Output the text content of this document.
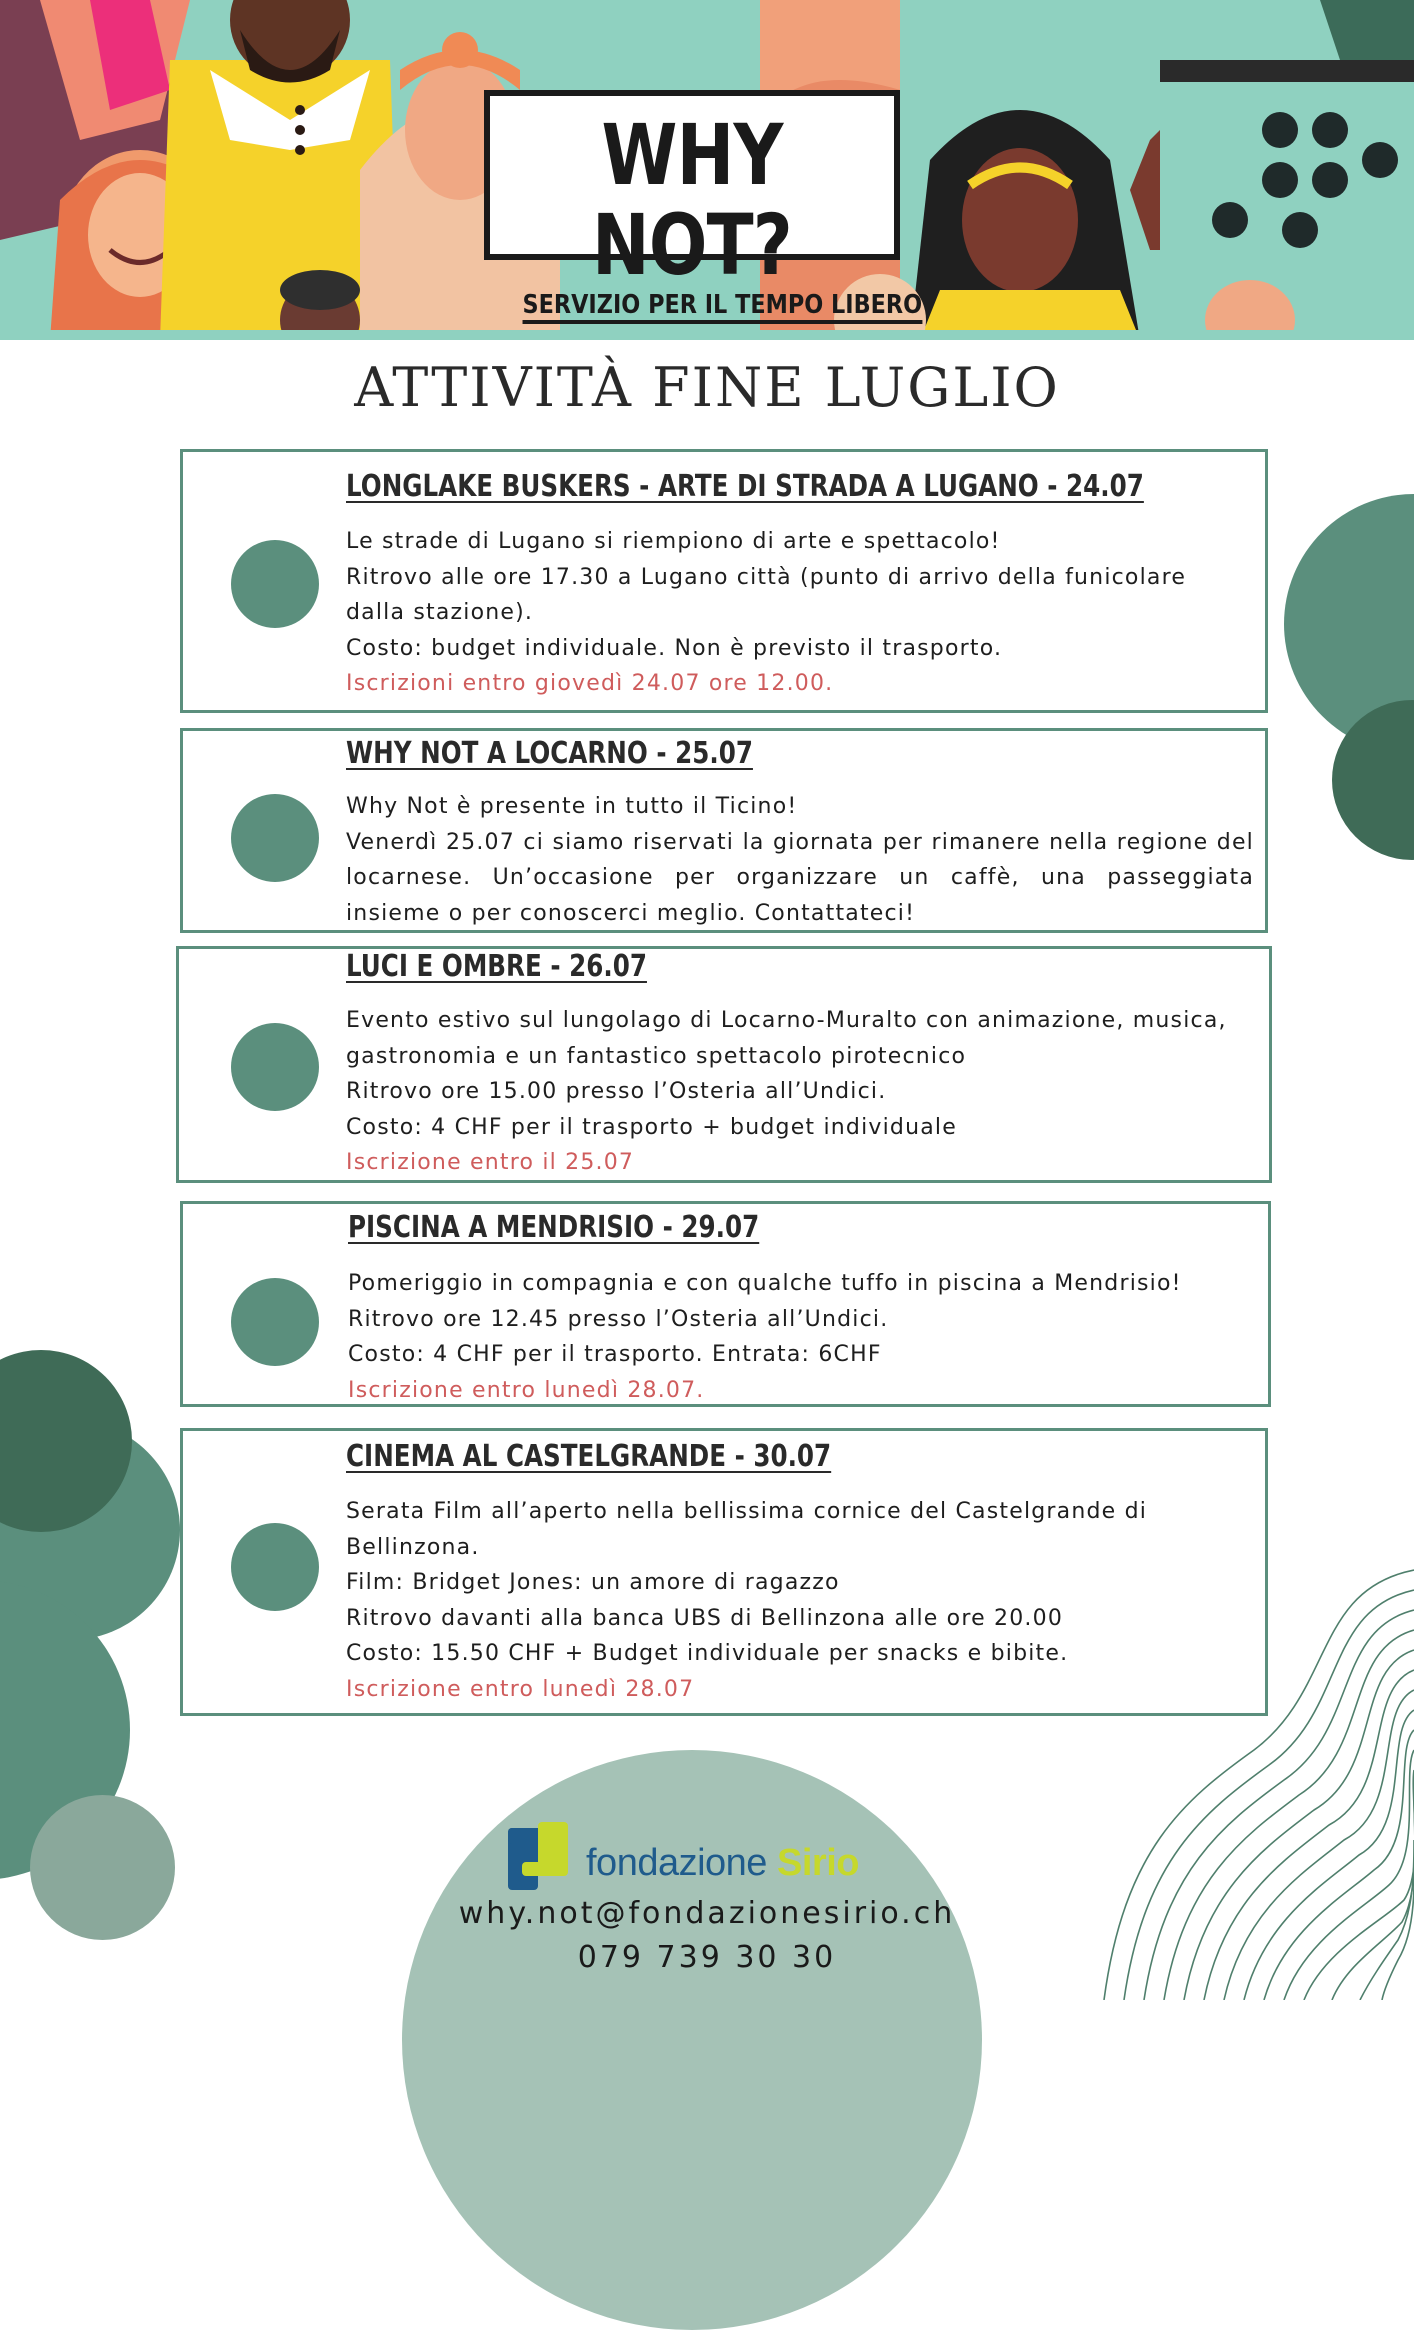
WHY NOT?
SERVIZIO PER IL TEMPO LIBERO
ATTIVITÀ FINE LUGLIO
LONGLAKE BUSKERS - ARTE DI STRADA A LUGANO - 24.07

Le strade di Lugano si riempiono di arte e spettacolo!

Ritrovo alle ore 17.30 a Lugano città (punto di arrivo della funicolare dalla stazione).

Costo: budget individuale. Non è previsto il trasporto.

Iscrizioni entro giovedì 24.07 ore 12.00.

WHY NOT A LOCARNO - 25.07

Why Not è presente in tutto il Ticino!

Venerdì 25.07 ci siamo riservati la giornata per rimanere nella regione del locarnese. Un’occasione per organizzare un caffè, una passeggiata insieme o per conoscerci meglio. Contattateci!

LUCI E OMBRE - 26.07

Evento estivo sul lungolago di Locarno-Muralto con animazione, musica, gastronomia e un fantastico spettacolo pirotecnico

Ritrovo ore 15.00 presso l’Osteria all’Undici.

Costo: 4 CHF per il trasporto + budget individuale

Iscrizione entro il 25.07

PISCINA A MENDRISIO - 29.07

Pomeriggio in compagnia e con qualche tuffo in piscina a Mendrisio!

Ritrovo ore 12.45 presso l’Osteria all’Undici.

Costo: 4 CHF per il trasporto. Entrata: 6CHF

Iscrizione entro lunedì 28.07.

CINEMA AL CASTELGRANDE - 30.07

Serata Film all’aperto nella bellissima cornice del Castelgrande di Bellinzona.

Film: Bridget Jones: un amore di ragazzo

Ritrovo davanti alla banca UBS di Bellinzona alle ore 20.00

Costo: 15.50 CHF + Budget individuale per snacks e bibite.

Iscrizione entro lunedì 28.07

fondazione Sirio
why.not@fondazionesirio.ch
079 739 30 30
